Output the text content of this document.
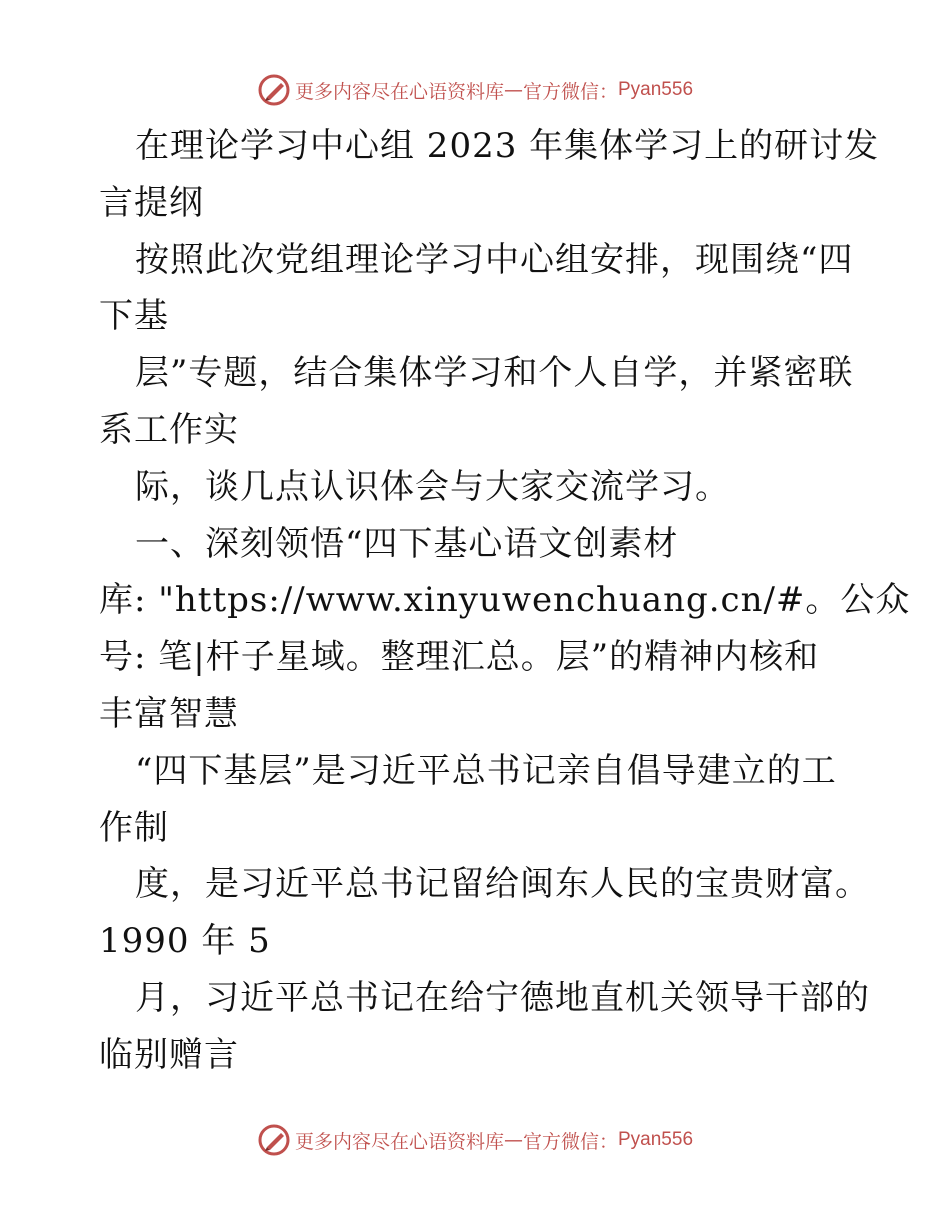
更多内容尽在心语资料库 — 官方微信： Pyan556
在理论学习中心组 2023 年集体学习上的研讨发
言提纲
按照此次党组理论学习中心组安排，现围绕“四
下基
层”专题，结合集体学习和个人自学，并紧密联
系工作实
际，谈几点认识体会与大家交流学习。
一、深刻领悟“四下基心语文创素材
库: "https://www.xinyuwenchuang.cn/#。公众
号: 笔|杆子星域。整理汇总。层”的精神内核和
丰富智慧
“四下基层”是习近平总书记亲自倡导建立的工
作制
度，是习近平总书记留给闽东人民的宝贵财富。
1990 年 5
月，习近平总书记在给宁德地直机关领导干部的
临别赠言
更多内容尽在心语资料库 — 官方微信： Pyan556
